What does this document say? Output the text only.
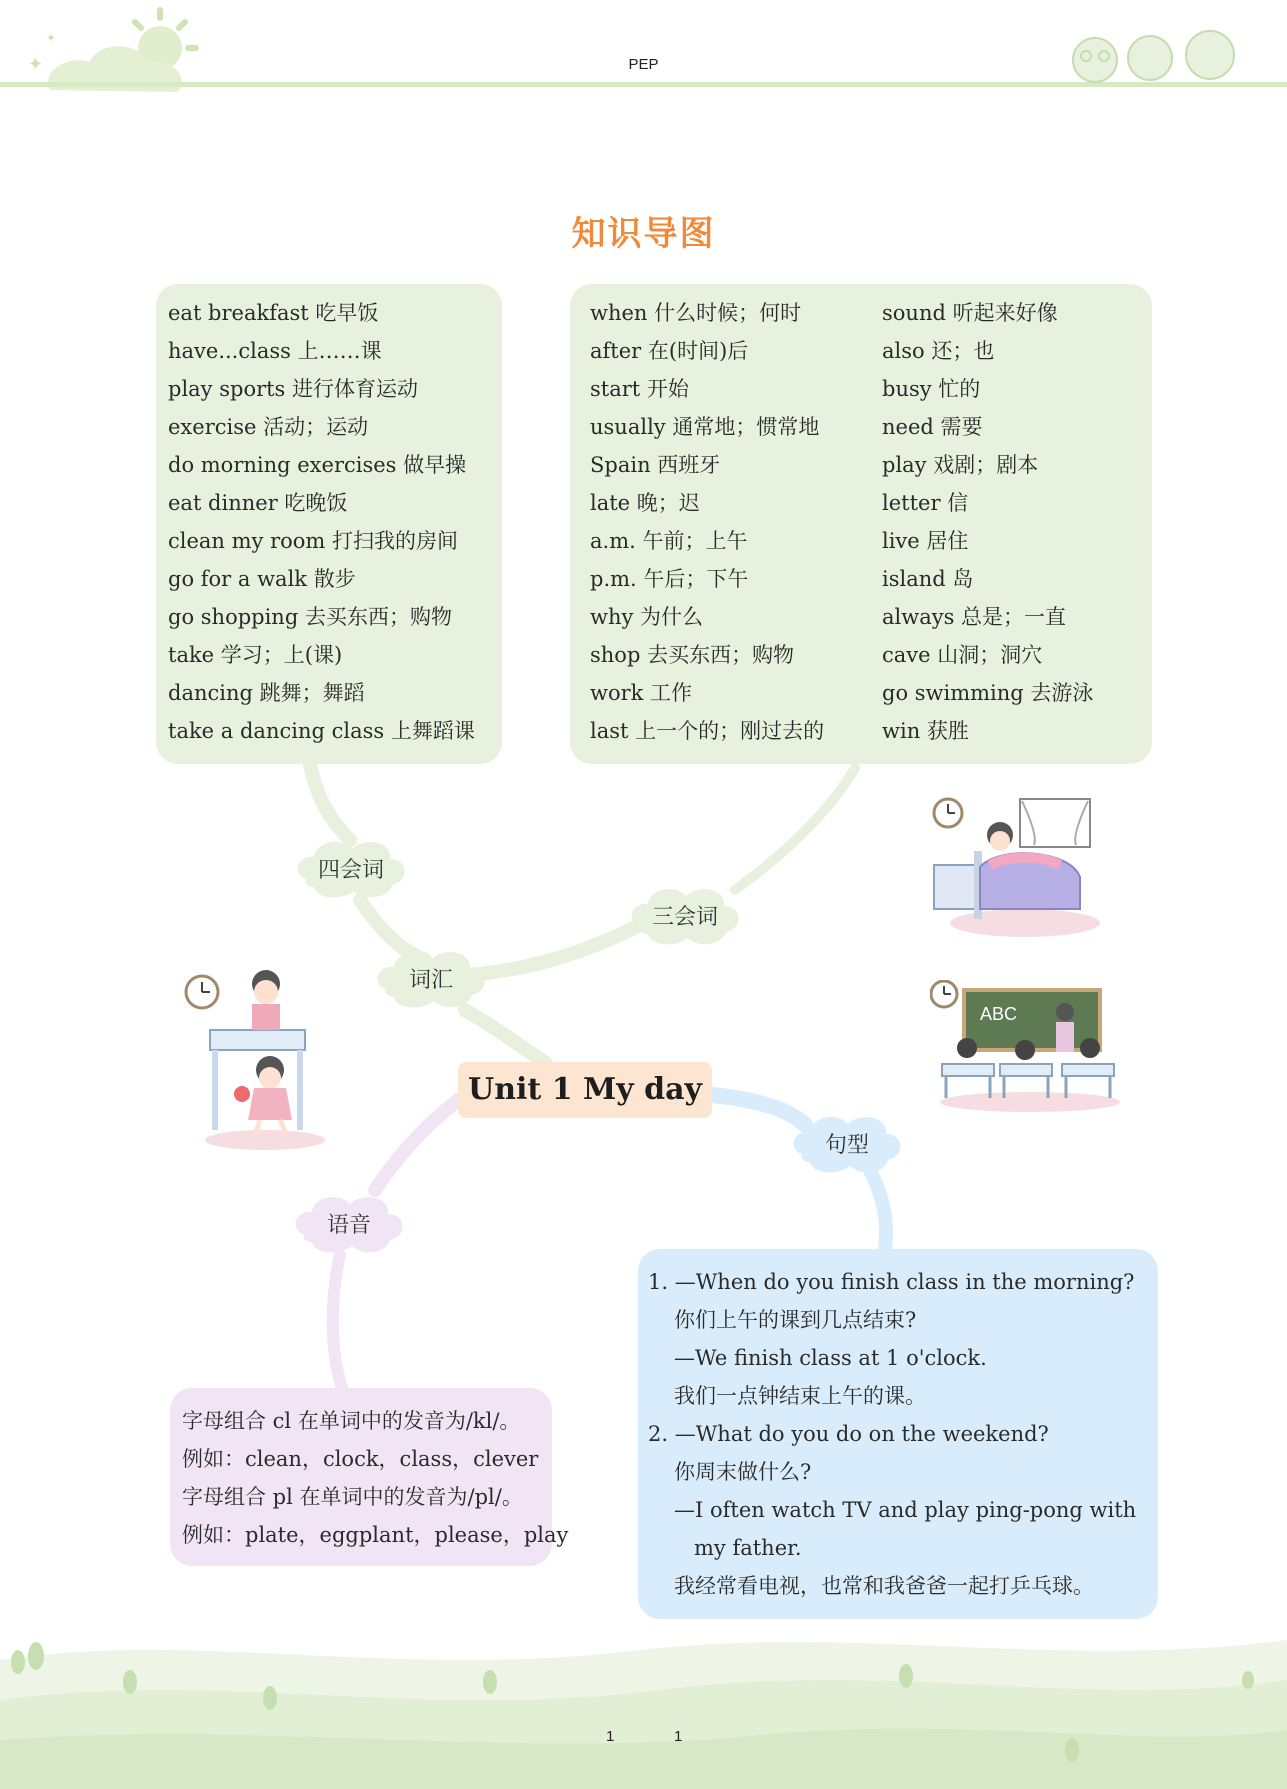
✦
✦
PEP
知识导图
eat breakfast 吃早饭
have...class 上……课
play sports 进行体育运动
exercise 活动；运动
do morning exercises 做早操
eat dinner 吃晚饭
clean my room 打扫我的房间
go for a walk 散步
go shopping 去买东西；购物
take 学习；上(课)
dancing 跳舞；舞蹈
take a dancing class 上舞蹈课
when 什么时候；何时
after 在(时间)后
start 开始
usually 通常地；惯常地
Spain 西班牙
late 晚；迟
a.m. 午前；上午
p.m. 午后；下午
why 为什么
shop 去买东西；购物
work 工作
last 上一个的；刚过去的
sound 听起来好像
also 还；也
busy 忙的
need 需要
play 戏剧；剧本
letter 信
live 居住
island 岛
always 总是；一直
cave 山洞；洞穴
go swimming 去游泳
win 获胜
四会词
词汇
三会词
句型
语音
Unit 1 My day
ABC
1. —When do you finish class in the morning?
你们上午的课到几点结束?
—We finish class at 1 o'clock.
我们一点钟结束上午的课。
2. —What do you do on the weekend?
你周末做什么?
—I often watch TV and play ping-pong with
my father.
我经常看电视，也常和我爸爸一起打乒乓球。
字母组合 cl 在单词中的发音为/kl/。
例如：clean，clock，class，clever
字母组合 pl 在单词中的发音为/pl/。
例如：plate，eggplant，please，play
1	1
